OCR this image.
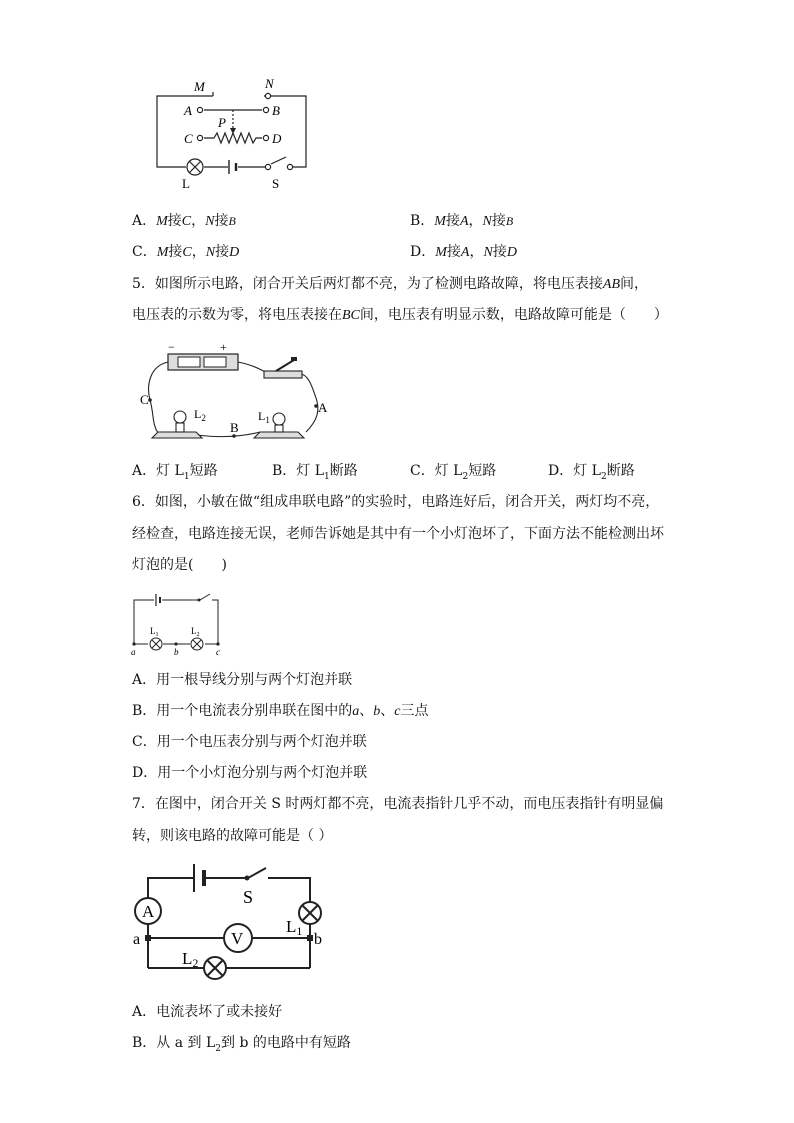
M	N
A	B
P
C	D
L	S
A．M接C，N接B	B．M接A，N接B
C．M接C，N接D	D．M接A，N接D
5．如图所示电路，闭合开关后两灯都不亮，为了检测电路故障，将电压表接AB间，
电压表的示数为零，将电压表接在BC间，电压表有明显示数，电路故障可能是（　　）
−	+
C
A
B
$L_2$	$L_1$
A．灯 $L_1$短路	B．灯 $L_1$断路	C．灯 $L_2$短路	D．灯 $L_2$断路
6．如图，小敏在做“组成串联电路”的实验时，电路连好后，闭合开关，两灯均不亮，
经检查，电路连接无误，老师告诉她是其中有一个小灯泡坏了，下面方法不能检测出坏
灯泡的是(　　)
$L_1$	$L_2$
a	b	c
A．用一根导线分别与两个灯泡并联
B．用一个电流表分别串联在图中的a、b、c三点
C．用一个电压表分别与两个灯泡并联
D．用一个小灯泡分别与两个灯泡并联
7．在图中，闭合开关 S 时两灯都不亮，电流表指针几乎不动，而电压表指针有明显偏
转，则该电路的故障可能是（ ）
A
V
S
L1
L2
a	b
A．电流表坏了或未接好
B．从 a 到 $L_2$到 b 的电路中有短路
